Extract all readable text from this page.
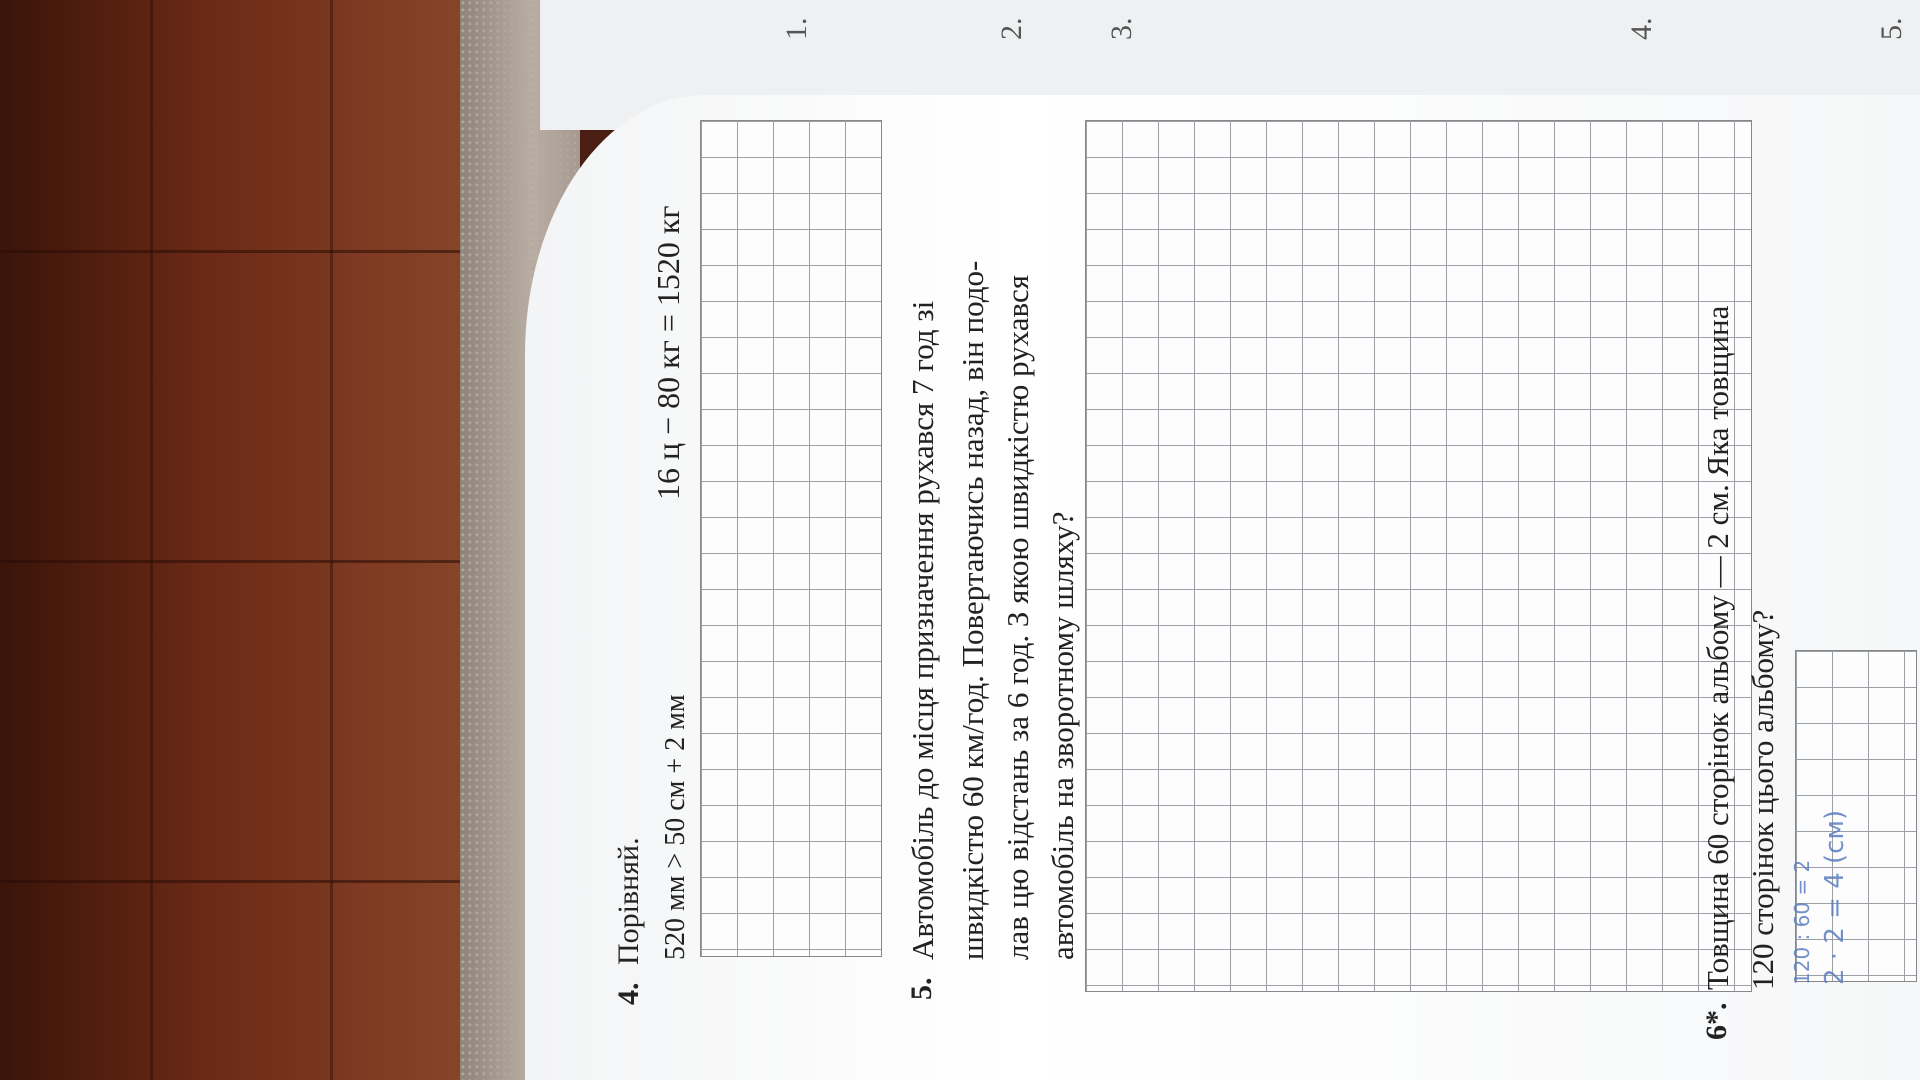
1.	2.	3.	4.	5.
4.
Порівняй. 520 мм > 50 см + 2 мм
16 ц − 80 кг = 1520 кг
5.
Автомобіль до місця призначення рухався 7 год зі швидкістю 60 км/год. Повертаючись назад, він подо- лав цю відстань за 6 год. З якою швидкістю рухався автомобіль на зворотному шляху?
6*.
Товщина 60 сторінок альбому — 2 см. Яка товщина 120 сторінок цього альбому? 120 : 60 = 2 2 · 2 = 4 (см)
